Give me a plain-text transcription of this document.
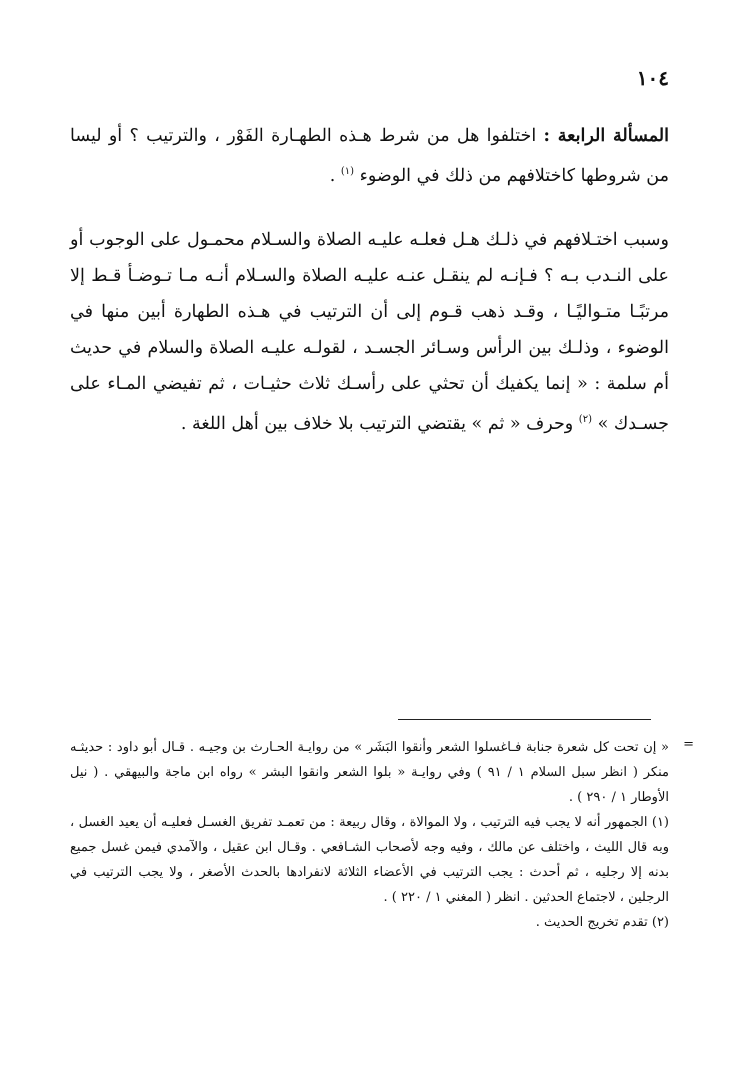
١٠٤

المسألة الرابعة : اختلفوا هل من شرط هـذه الطهـارة الفَوْر ، والترتيب ؟ أو ليسا من شروطها كاختلافهم من ذلك في الوضوء $^{(١)}$ .

وسبب اختـلافهم في ذلـك هـل فعلـه عليـه الصلاة والسـلام محمـول على الوجوب أو على النـدب بـه ؟ فـإنـه لم ينقـل عنـه عليـه الصلاة والسـلام أنـه مـا تـوضـأ قـط إلا مرتبًـا متـواليًـا ، وقـد ذهب قـوم إلى أن الترتيب في هـذه الطهارة أبين منها في الوضوء ، وذلـك بين الرأس وسـائر الجسـد ، لقولـه عليـه الصلاة والسلام في حديث أم سلمة : « إنما يكفيك أن تحثي على رأسـك ثلاث حثيـات ، ثم تفيضي المـاء على جسـدك » $^{(٢)}$ وحرف « ثم » يقتضي الترتيب بلا خلاف بين أهل اللغة .

=
« إن تحت كل شعرة جنابة فـاغسلوا الشعر وأنقوا البَشَر » من روايـة الحـارث بن وجيـه . قـال أبو داود : حديثـه منكر ( انظر سبل السلام ١ / ٩١ ) وفي روايـة « بلوا الشعر وانقوا البشر » رواه ابن ماجة والبيهقي . ( نيل الأوطار ١ / ٢٩٠ ) .

(١) الجمهور أنه لا يجب فيه الترتيب ، ولا الموالاة ، وقال ربيعة : من تعمـد تفريق الغسـل فعليـه أن يعيد الغسل ، وبه قال الليث ، واختلف عن مالك ، وفيه وجه لأصحاب الشـافعي . وقـال ابن عقيل ، والآمدي فيمن غسل جميع بدنه إلا رجليه ، ثم أحدث : يجب الترتيب في الأعضاء الثلاثة لانفرادها بالحدث الأصغر ، ولا يجب الترتيب في الرجلين ، لاجتماع الحدثين . انظر ( المغني ١ / ٢٢٠ ) .

(٢) تقدم تخريج الحديث .
